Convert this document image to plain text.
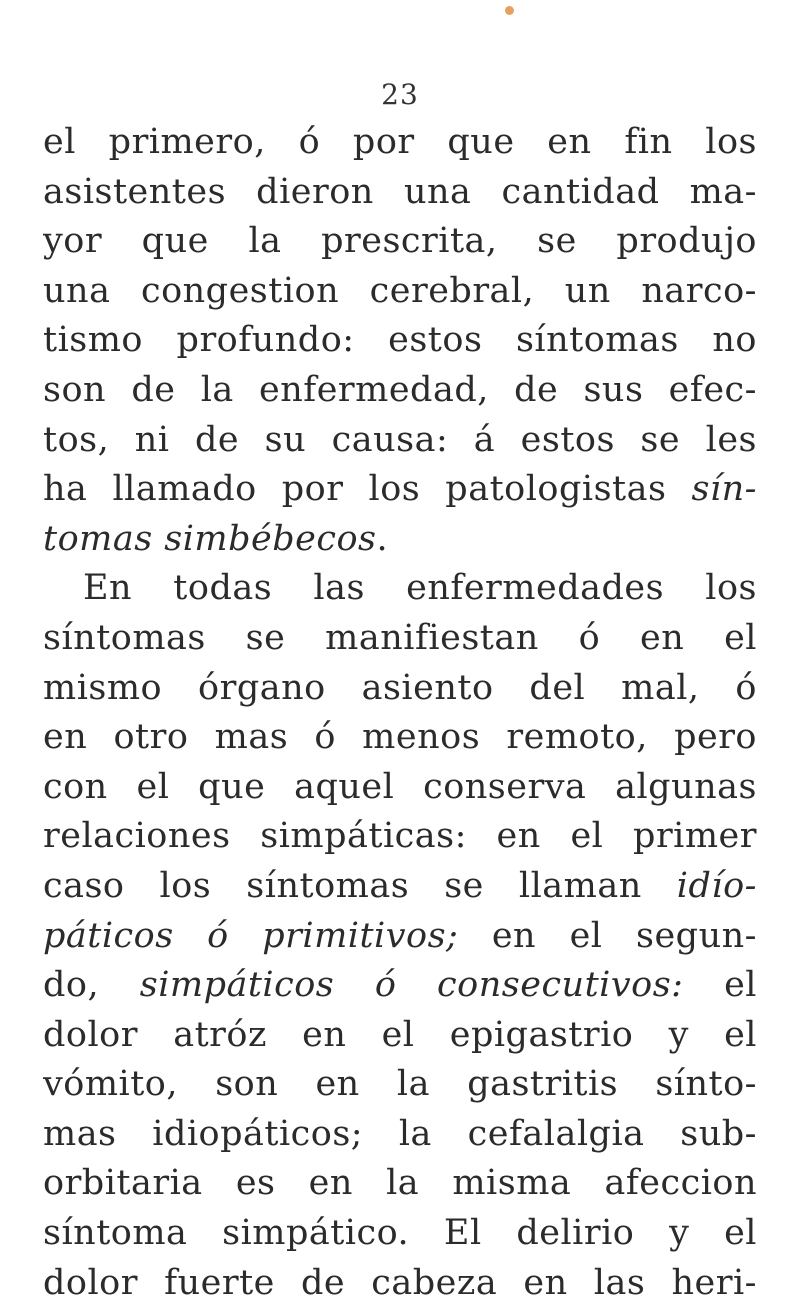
23
el primero, ó por que en fin los
asistentes dieron una cantidad ma-
yor que la prescrita, se produjo
una congestion cerebral, un narco-
tismo profundo: estos síntomas no
son de la enfermedad, de sus efec-
tos, ni de su causa: á estos se les
ha llamado por los patologistas sín-
tomas simbébecos.
En todas las enfermedades los
síntomas se manifiestan ó en el
mismo órgano asiento del mal, ó
en otro mas ó menos remoto, pero
con el que aquel conserva algunas
relaciones simpáticas: en el primer
caso los síntomas se llaman idío-
páticos ó primitivos; en el segun-
do, simpáticos ó consecutivos: el
dolor atróz en el epigastrio y el
vómito, son en la gastritis sínto-
mas idiopáticos; la cefalalgia sub-
orbitaria es en la misma afeccion
síntoma simpático. El delirio y el
dolor fuerte de cabeza en las heri-
